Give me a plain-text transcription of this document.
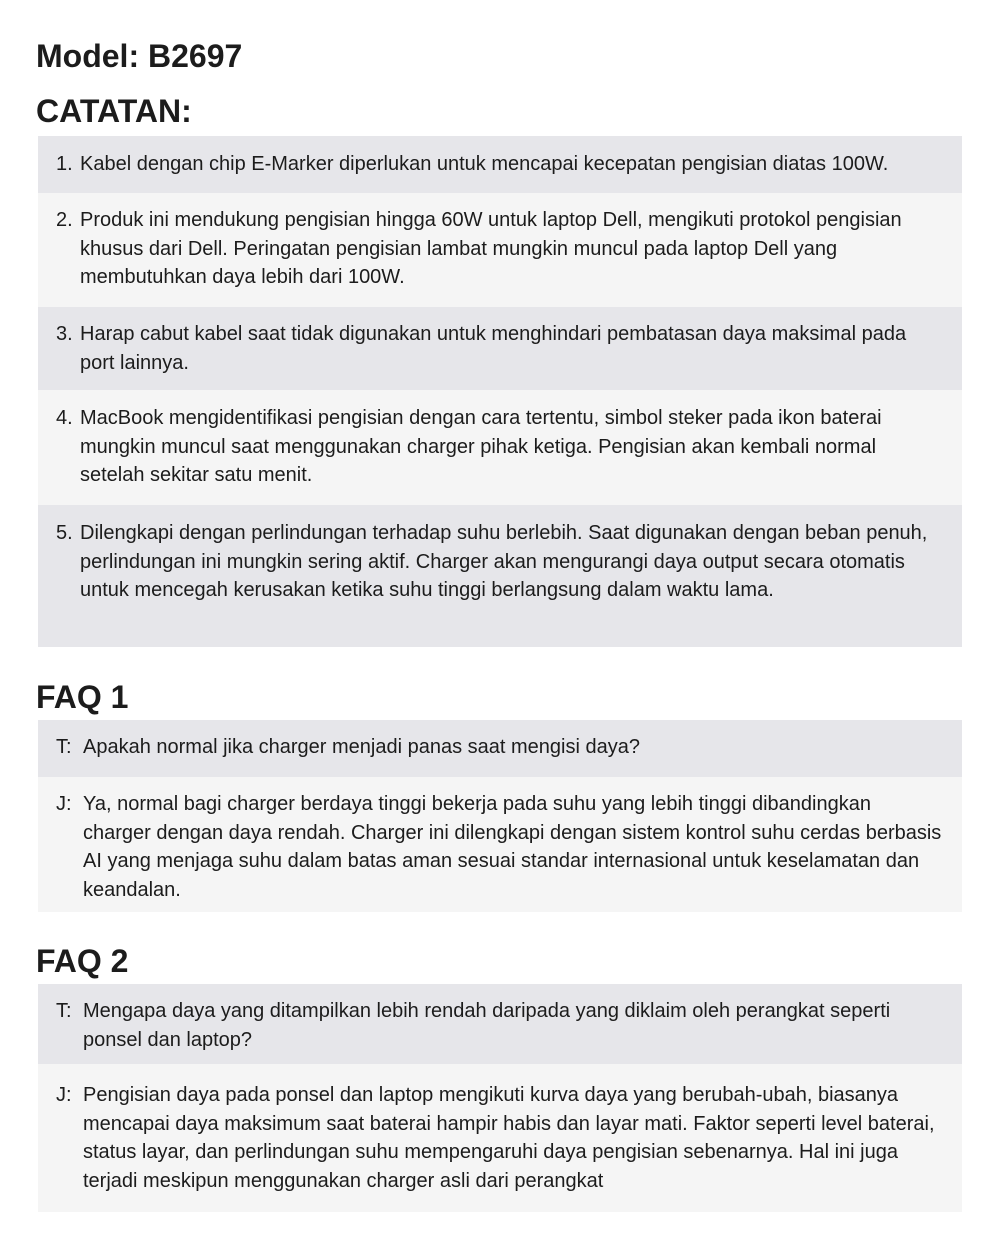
Model: B2697
CATATAN:
1. Kabel dengan chip E-Marker diperlukan untuk mencapai kecepatan pengisian diatas 100W.

2. Produk ini mendukung pengisian hingga 60W untuk laptop Dell, mengikuti protokol pengisian khusus dari Dell. Peringatan pengisian lambat mungkin muncul pada laptop Dell yang membutuhkan daya lebih dari 100W.

3. Harap cabut kabel saat tidak digunakan untuk menghindari pembatasan daya maksimal pada port lainnya.

4. MacBook mengidentifikasi pengisian dengan cara tertentu, simbol steker pada ikon baterai mungkin muncul saat menggunakan charger pihak ketiga. Pengisian akan kembali normal setelah sekitar satu menit.

5. Dilengkapi dengan perlindungan terhadap suhu berlebih. Saat digunakan dengan beban penuh, perlindungan ini mungkin sering aktif. Charger akan mengurangi daya output secara otomatis untuk mencegah kerusakan ketika suhu tinggi berlangsung dalam waktu lama.

FAQ 1
T: Apakah normal jika charger menjadi panas saat mengisi daya?

J: Ya, normal bagi charger berdaya tinggi bekerja pada suhu yang lebih tinggi dibandingkan charger dengan daya rendah. Charger ini dilengkapi dengan sistem kontrol suhu cerdas berbasis AI yang menjaga suhu dalam batas aman sesuai standar internasional untuk keselamatan dan keandalan.

FAQ 2
T: Mengapa daya yang ditampilkan lebih rendah daripada yang diklaim oleh perangkat seperti ponsel dan laptop?

J: Pengisian daya pada ponsel dan laptop mengikuti kurva daya yang berubah-ubah, biasanya mencapai daya maksimum saat baterai hampir habis dan layar mati. Faktor seperti level baterai, status layar, dan perlindungan suhu mempengaruhi daya pengisian sebenarnya. Hal ini juga terjadi meskipun menggunakan charger asli dari perangkat
